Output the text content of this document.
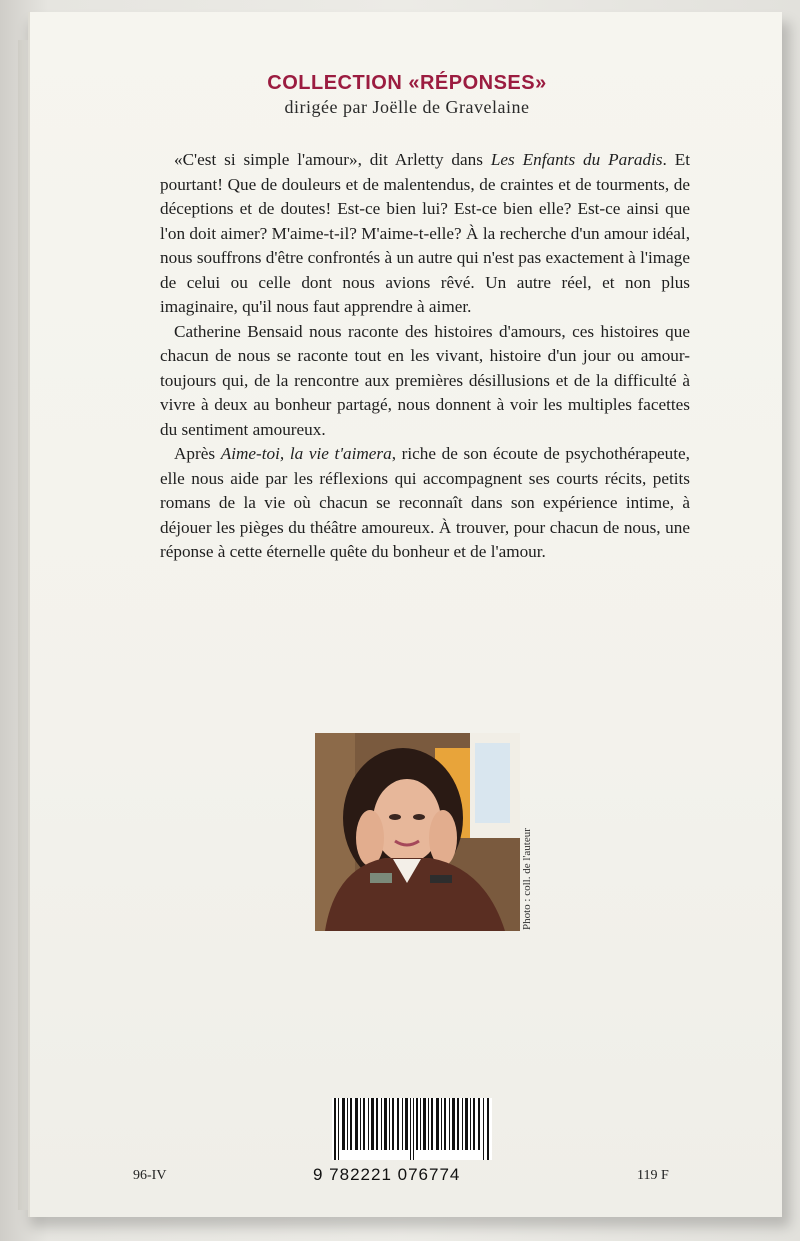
COLLECTION «RÉPONSES»
dirigée par Joëlle de Gravelaine

«C'est si simple l'amour», dit Arletty dans Les Enfants du Paradis. Et pourtant! Que de douleurs et de malentendus, de craintes et de tourments, de déceptions et de doutes! Est-ce bien lui? Est-ce bien elle? Est-ce ainsi que l'on doit aimer? M'aime-t-il? M'aime-t-elle? À la recherche d'un amour idéal, nous souffrons d'être confrontés à un autre qui n'est pas exactement à l'image de celui ou celle dont nous avions rêvé. Un autre réel, et non plus imaginaire, qu'il nous faut apprendre à aimer.

Catherine Bensaid nous raconte des histoires d'amours, ces histoires que chacun de nous se raconte tout en les vivant, histoire d'un jour ou amour-toujours qui, de la rencontre aux premières désillusions et de la difficulté à vivre à deux au bonheur partagé, nous donnent à voir les multiples facettes du sentiment amoureux.

Après Aime-toi, la vie t'aimera, riche de son écoute de psychothérapeute, elle nous aide par les réflexions qui accompagnent ses courts récits, petits romans de la vie où chacun se reconnaît dans son expérience intime, à déjouer les pièges du théâtre amoureux. À trouver, pour chacun de nous, une réponse à cette éternelle quête du bonheur et de l'amour.

Photo : coll. de l'auteur
9 782221 076774
96-IV	119 F
